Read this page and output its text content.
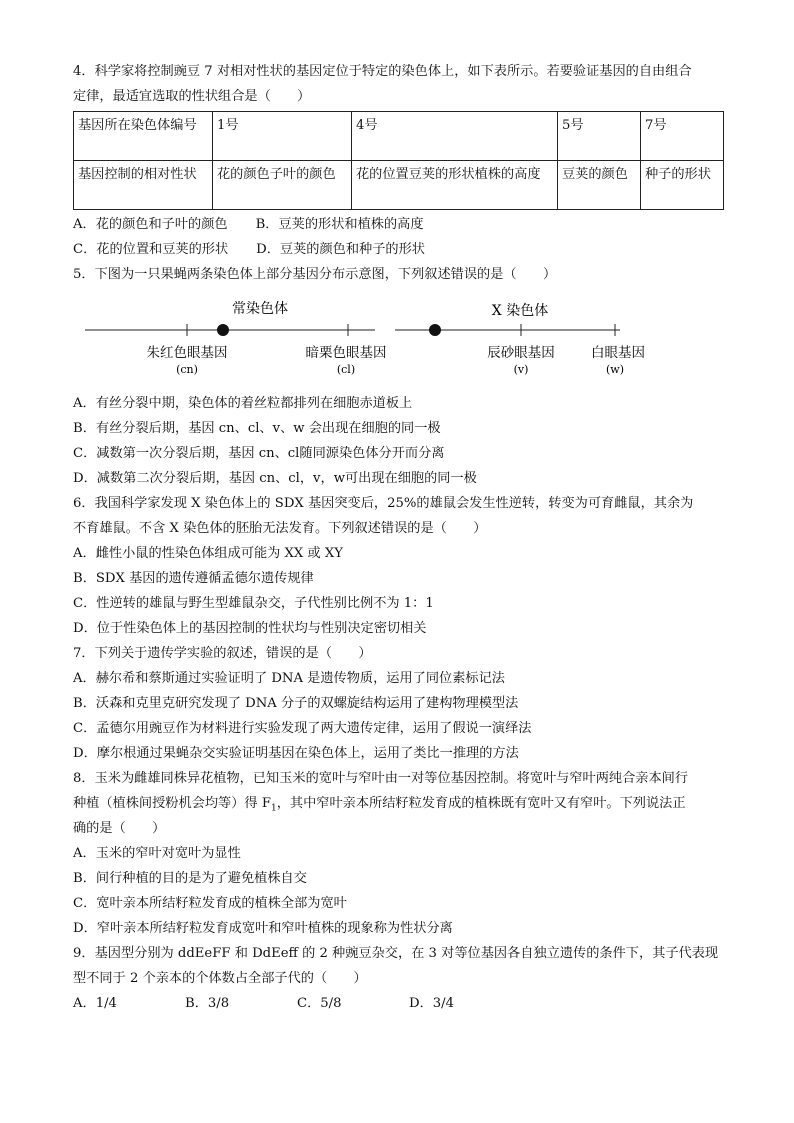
4．科学家将控制豌豆 7 对相对性状的基因定位于特定的染色体上，如下表所示。若要验证基因的自由组合
定律，最适宜选取的性状组合是（　　）
基因所在染色体编号	1号	4号	5号	7号
基因控制的相对性状	花的颜色子叶的颜色	花的位置豆荚的形状植株的高度	豆荚的颜色	种子的形状
A．花的颜色和子叶的颜色 B．豆荚的形状和植株的高度
C．花的位置和豆荚的形状 D．豆荚的颜色和种子的形状
5．下图为一只果蝇两条染色体上部分基因分布示意图，下列叙述错误的是（　　）
常染色体
朱红色眼基因
(cn)
暗栗色眼基因
(cl)
X 染色体
辰砂眼基因
(v)
白眼基因
(w)
A．有丝分裂中期，染色体的着丝粒都排列在细胞赤道板上
B．有丝分裂后期，基因 cn、cl、v、w 会出现在细胞的同一极
C．减数第一次分裂后期，基因 cn、cl随同源染色体分开而分离
D．减数第二次分裂后期，基因 cn、cl，v，w可出现在细胞的同一极
6．我国科学家发现 X 染色体上的 SDX 基因突变后，25%的雄鼠会发生性逆转，转变为可育雌鼠，其余为
不育雄鼠。不含 X 染色体的胚胎无法发育。下列叙述错误的是（　　）
A．雌性小鼠的性染色体组成可能为 XX 或 XY
B．SDX 基因的遗传遵循孟德尔遗传规律
C．性逆转的雄鼠与野生型雄鼠杂交，子代性别比例不为 1：1
D．位于性染色体上的基因控制的性状均与性别决定密切相关
7．下列关于遗传学实验的叙述，错误的是（　　）
A．赫尔希和蔡斯通过实验证明了 DNA 是遗传物质，运用了同位素标记法
B．沃森和克里克研究发现了 DNA 分子的双螺旋结构运用了建构物理模型法
C．孟德尔用豌豆作为材料进行实验发现了两大遗传定律，运用了假说一演绎法
D．摩尔根通过果蝇杂交实验证明基因在染色体上，运用了类比一推理的方法
8．玉米为雌雄同株异花植物，已知玉米的宽叶与窄叶由一对等位基因控制。将宽叶与窄叶两纯合亲本间行
种植（植株间授粉机会均等）得 $F_1$，其中窄叶亲本所结籽粒发育成的植株既有宽叶又有窄叶。下列说法正
确的是（　　）
A．玉米的窄叶对宽叶为显性
B．间行种植的目的是为了避免植株自交
C．宽叶亲本所结籽粒发育成的植株全部为宽叶
D．窄叶亲本所结籽粒发育成宽叶和窄叶植株的现象称为性状分离
9．基因型分别为 ddEeFF 和 DdEeff 的 2 种豌豆杂交，在 3 对等位基因各自独立遗传的条件下，其子代表现
型不同于 2 个亲本的个体数占全部子代的（　　）
A．1/4	B．3/8	C．5/8	D．3/4
